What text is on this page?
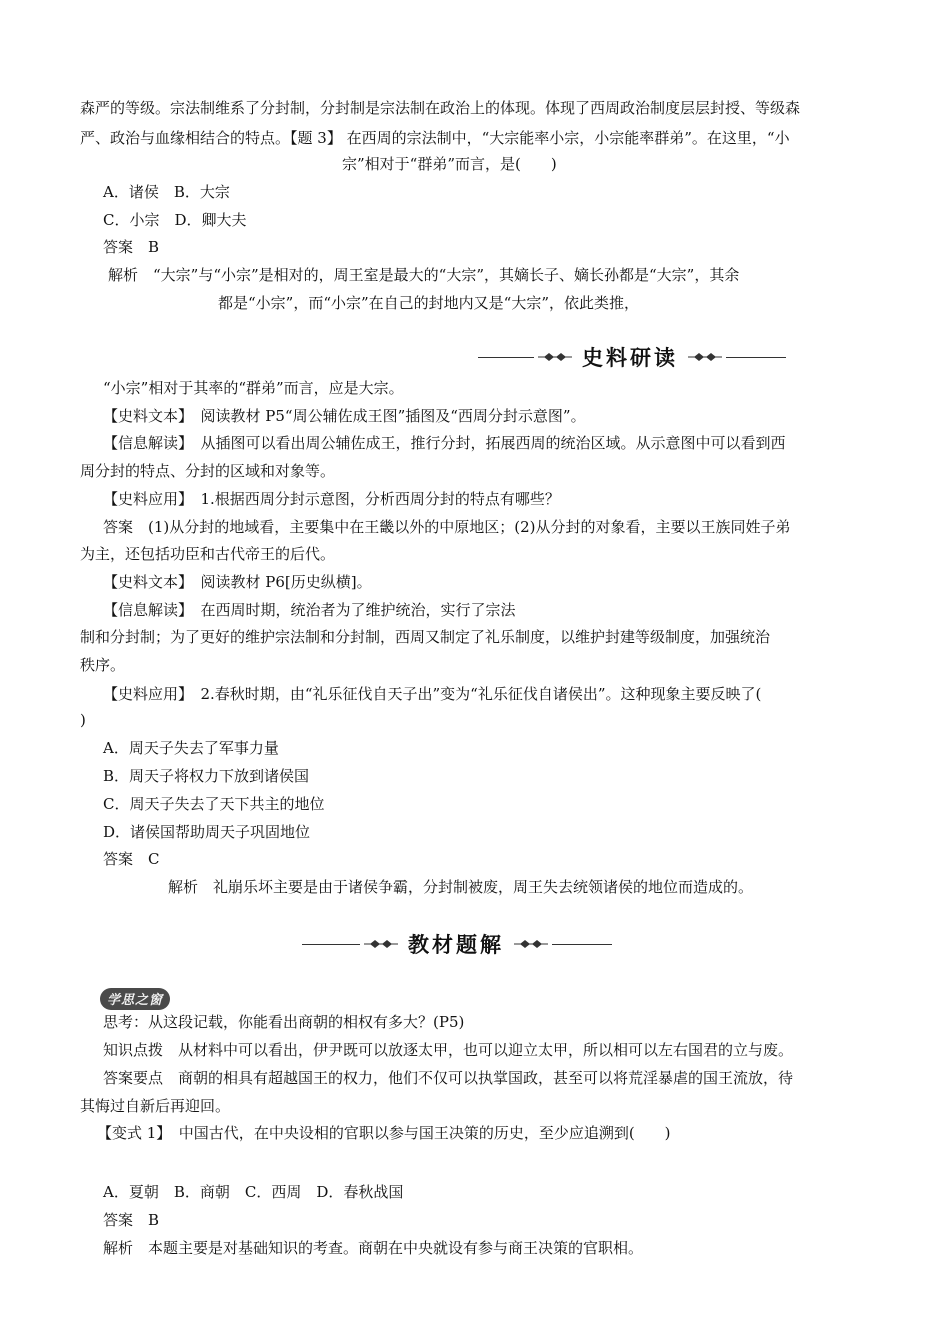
森严的等级。宗法制维系了分封制，分封制是宗法制在政治上的体现。体现了西周政治制度层层封授、等级森
严、政治与血缘相结合的特点。【题 3】 在西周的宗法制中，“大宗能率小宗，小宗能率群弟”。在这里，“小
宗”相对于“群弟”而言，是(　　)
A．诸侯　B．大宗
C．小宗　D．卿大夫
答案　B
解析　“大宗”与“小宗”是相对的，周王室是最大的“大宗”，其嫡长子、嫡长孙都是“大宗”，其余
都是“小宗”，而“小宗”在自己的封地内又是“大宗”，依此类推，
史料研读
“小宗”相对于其率的“群弟”而言，应是大宗。
【史料文本】　阅读教材 P5“周公辅佐成王图”插图及“西周分封示意图”。
【信息解读】　从插图可以看出周公辅佐成王，推行分封，拓展西周的统治区域。从示意图中可以看到西
周分封的特点、分封的区域和对象等。
【史料应用】　1.根据西周分封示意图，分析西周分封的特点有哪些？
答案　(1)从分封的地域看，主要集中在王畿以外的中原地区；(2)从分封的对象看，主要以王族同姓子弟
为主，还包括功臣和古代帝王的后代。
【史料文本】　阅读教材 P6[历史纵横]。
【信息解读】　在西周时期，统治者为了维护统治，实行了宗法
制和分封制；为了更好的维护宗法制和分封制，西周又制定了礼乐制度，以维护封建等级制度，加强统治
秩序。
【史料应用】　2.春秋时期，由“礼乐征伐自天子出”变为“礼乐征伐自诸侯出”。这种现象主要反映了(
)
A．周天子失去了军事力量
B．周天子将权力下放到诸侯国
C．周天子失去了天下共主的地位
D．诸侯国帮助周天子巩固地位
答案　C
解析　礼崩乐坏主要是由于诸侯争霸，分封制被废，周王失去统领诸侯的地位而造成的。
教材题解
学思之窗
思考：从这段记载，你能看出商朝的相权有多大？(P5)
知识点拨　从材料中可以看出，伊尹既可以放逐太甲，也可以迎立太甲，所以相可以左右国君的立与废。
答案要点　商朝的相具有超越国王的权力，他们不仅可以执掌国政，甚至可以将荒淫暴虐的国王流放，待
其悔过自新后再迎回。
【变式 1】　中国古代，在中央设相的官职以参与国王决策的历史，至少应追溯到(　　)
A．夏朝　B．商朝　C．西周　D．春秋战国
答案　B
解析　本题主要是对基础知识的考查。商朝在中央就设有参与商王决策的官职相。
